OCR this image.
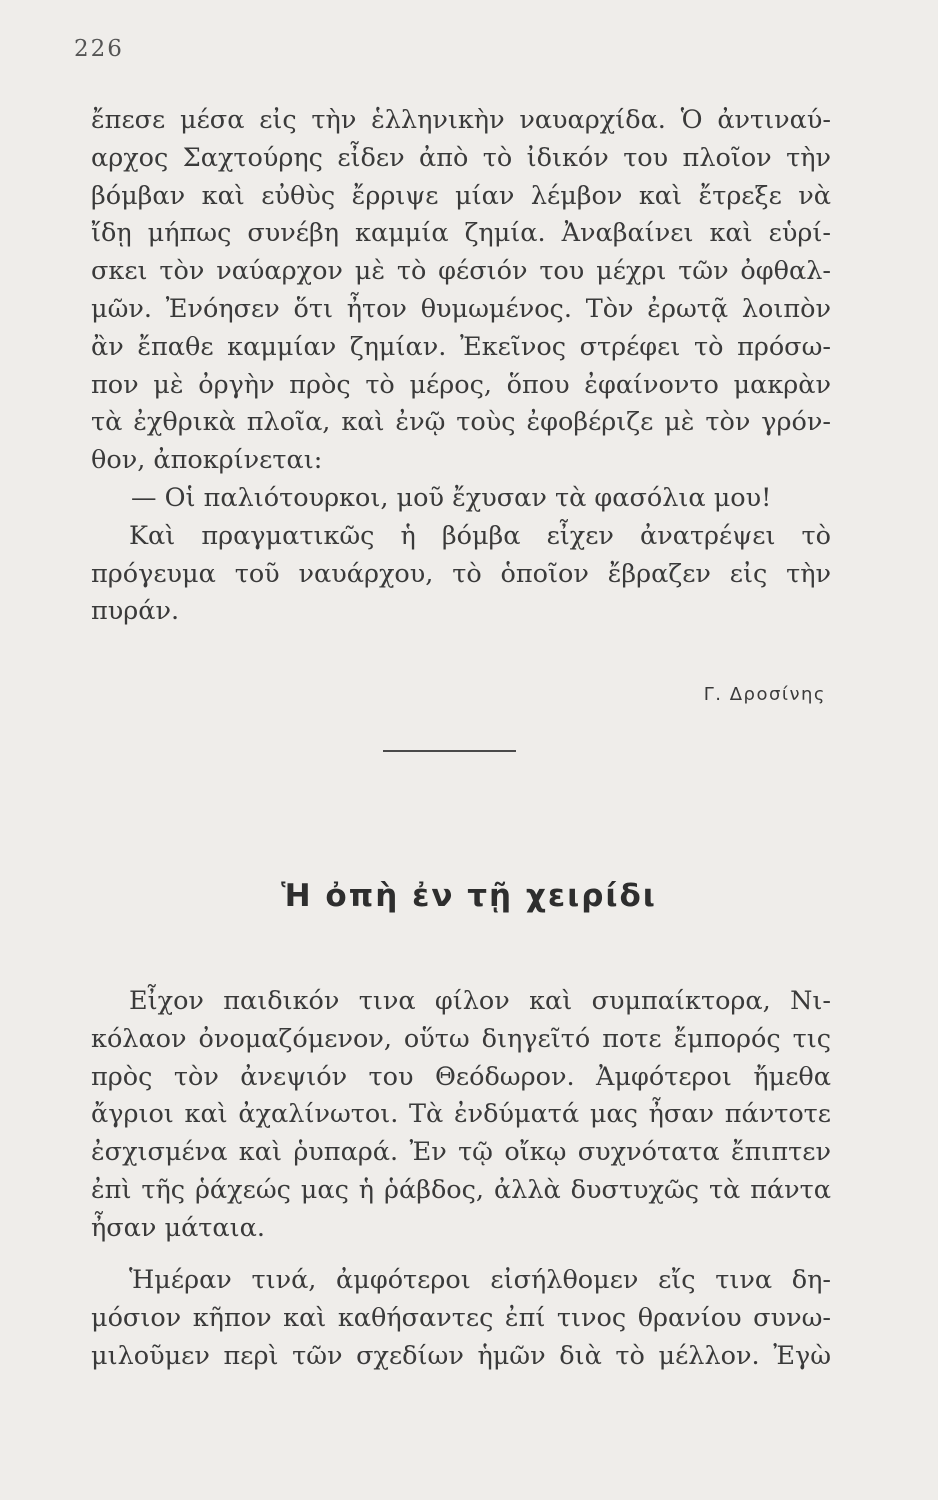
226
ἔπεσε μέσα εἰς τὴν ἑλληνικὴν ναυαρχίδα. Ὁ ἀντιναύ-
αρχος Σαχτούρης εἶδεν ἀπὸ τὸ ἰδικόν του πλοῖον τὴν
βόμβαν καὶ εὐθὺς ἔρριψε μίαν λέμβον καὶ ἔτρεξε νὰ
ἴδῃ μήπως συνέβη καμμία ζημία. Ἀναβαίνει καὶ εὑρί-
σκει τὸν ναύαρχον μὲ τὸ φέσιόν του μέχρι τῶν ὀφθαλ-
μῶν. Ἐνόησεν ὅτι ἦτον θυμωμένος. Τὸν ἐρωτᾷ λοιπὸν
ἂν ἔπαθε καμμίαν ζημίαν. Ἐκεῖνος στρέφει τὸ πρόσω-
πον μὲ ὀργὴν πρὸς τὸ μέρος, ὅπου ἐφαίνοντο μακρὰν
τὰ ἐχθρικὰ πλοῖα, καὶ ἐνῷ τοὺς ἐφοβέριζε μὲ τὸν γρόν-
θον, ἀποκρίνεται:
— Οἱ παλιότουρκοι, μοῦ ἔχυσαν τὰ φασόλια μου!
Καὶ πραγματικῶς ἡ βόμβα εἶχεν ἀνατρέψει τὸ
πρόγευμα τοῦ ναυάρχου, τὸ ὁποῖον ἔβραζεν εἰς τὴν
πυράν.
Γ. Δροσίνης
Ἡ ὀπὴ ἐν τῇ χειρίδι
Εἶχον παιδικόν τινα φίλον καὶ συμπαίκτορα, Νι-
κόλαον ὀνομαζόμενον, οὕτω διηγεῖτό ποτε ἔμπορός τις
πρὸς τὸν ἀνεψιόν του Θεόδωρον. Ἀμφότεροι ἤμεθα
ἄγριοι καὶ ἀχαλίνωτοι. Τὰ ἐνδύματά μας ἦσαν πάντοτε
ἐσχισμένα καὶ ῥυπαρά. Ἐν τῷ οἴκῳ συχνότατα ἔπιπτεν
ἐπὶ τῆς ῥάχεώς μας ἡ ῥάβδος, ἀλλὰ δυστυχῶς τὰ πάντα
ἦσαν μάταια.
Ἡμέραν τινά, ἀμφότεροι εἰσήλθομεν εἴς τινα δη-
μόσιον κῆπον καὶ καθήσαντες ἐπί τινος θρανίου συνω-
μιλοῦμεν περὶ τῶν σχεδίων ἡμῶν διὰ τὸ μέλλον. Ἐγὼ
